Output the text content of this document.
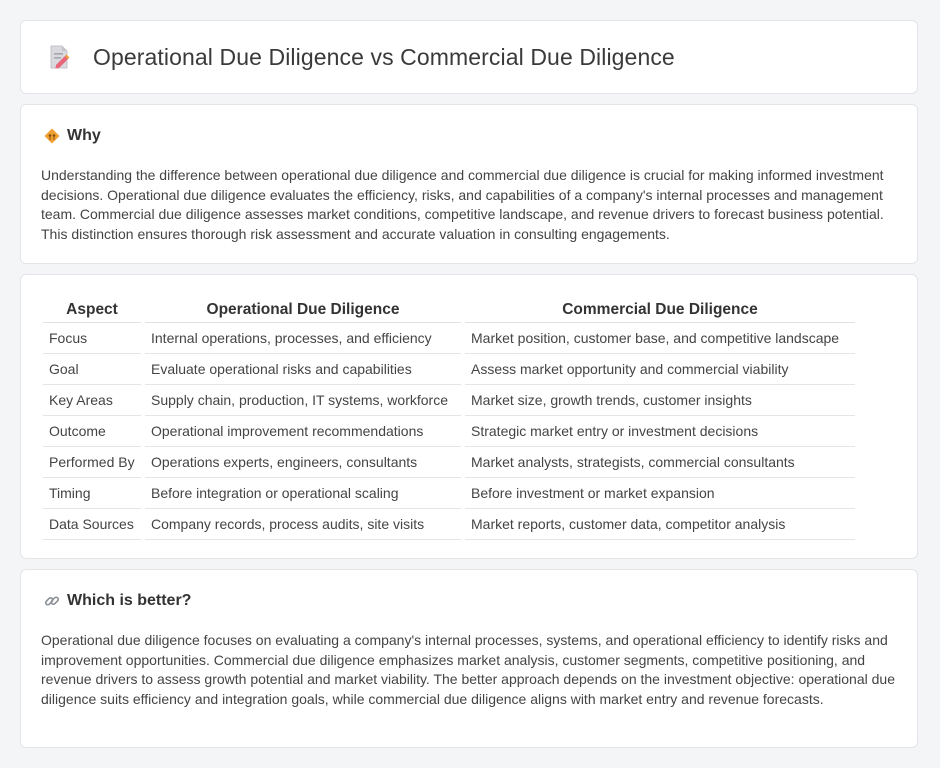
Operational Due Diligence vs Commercial Due Diligence
Why
Understanding the difference between operational due diligence and commercial due diligence is crucial for making informed investment decisions. Operational due diligence evaluates the efficiency, risks, and capabilities of a company's internal processes and management team. Commercial due diligence assesses market conditions, competitive landscape, and revenue drivers to forecast business potential. This distinction ensures thorough risk assessment and accurate valuation in consulting engagements.
Aspect		Operational Due Diligence		Commercial Due Diligence
Focus		Internal operations, processes, and efficiency		Market position, customer base, and competitive landscape
Goal		Evaluate operational risks and capabilities		Assess market opportunity and commercial viability
Key Areas		Supply chain, production, IT systems, workforce		Market size, growth trends, customer insights
Outcome		Operational improvement recommendations		Strategic market entry or investment decisions
Performed By		Operations experts, engineers, consultants		Market analysts, strategists, commercial consultants
Timing		Before integration or operational scaling		Before investment or market expansion
Data Sources		Company records, process audits, site visits		Market reports, customer data, competitor analysis
Which is better?
Operational due diligence focuses on evaluating a company's internal processes, systems, and operational efficiency to identify risks and improvement opportunities. Commercial due diligence emphasizes market analysis, customer segments, competitive positioning, and revenue drivers to assess growth potential and market viability. The better approach depends on the investment objective: operational due diligence suits efficiency and integration goals, while commercial due diligence aligns with market entry and revenue forecasts.
